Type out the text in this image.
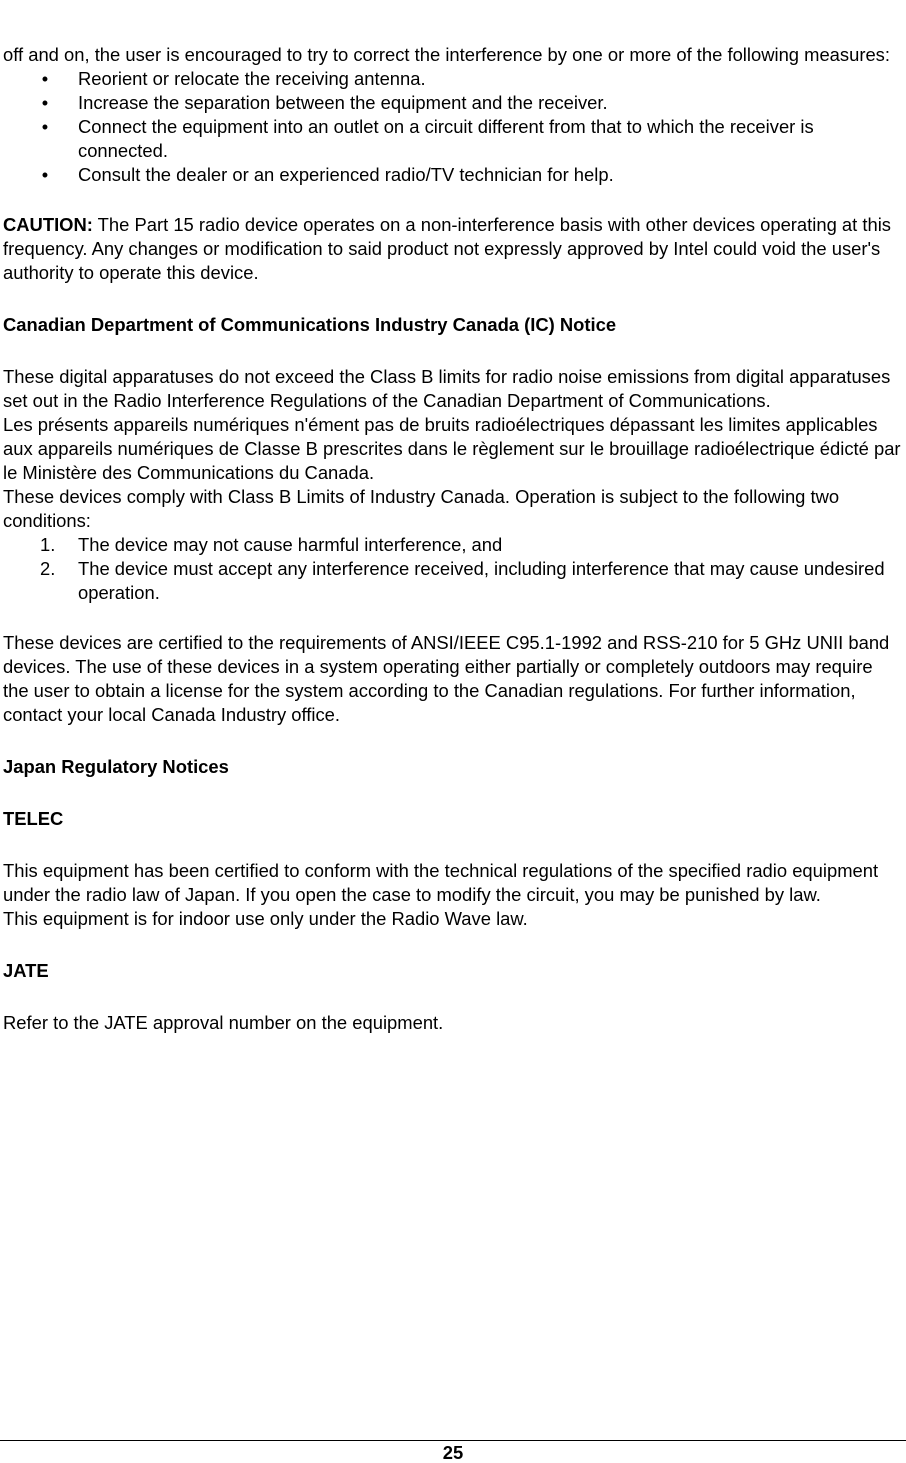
off and on, the user is encouraged to try to correct the interference by one or more of the following measures:

• Reorient or relocate the receiving antenna.
• Increase the separation between the equipment and the receiver.
• Connect the equipment into an outlet on a circuit different from that to which the receiver is connected.
• Consult the dealer or an experienced radio/TV technician for help.

CAUTION: The Part 15 radio device operates on a non-interference basis with other devices operating at this frequency. Any changes or modification to said product not expressly approved by Intel could void the user's authority to operate this device.

Canadian Department of Communications Industry Canada (IC) Notice

These digital apparatuses do not exceed the Class B limits for radio noise emissions from digital apparatuses set out in the Radio Interference Regulations of the Canadian Department of Communications.

Les présents appareils numériques n'ément pas de bruits radioélectriques dépassant les limites applicables aux appareils numériques de Classe B prescrites dans le règlement sur le brouillage radioélectrique édicté par le Ministère des Communications du Canada.

These devices comply with Class B Limits of Industry Canada. Operation is subject to the following two conditions:

1. The device may not cause harmful interference, and
2. The device must accept any interference received, including interference that may cause undesired operation.

These devices are certified to the requirements of ANSI/IEEE C95.1-1992 and RSS-210 for 5 GHz UNII band devices. The use of these devices in a system operating either partially or completely outdoors may require the user to obtain a license for the system according to the Canadian regulations. For further information, contact your local Canada Industry office.

Japan Regulatory Notices

TELEC

This equipment has been certified to conform with the technical regulations of the specified radio equipment under the radio law of Japan. If you open the case to modify the circuit, you may be punished by law.

This equipment is for indoor use only under the Radio Wave law.

JATE

Refer to the JATE approval number on the equipment.

25
